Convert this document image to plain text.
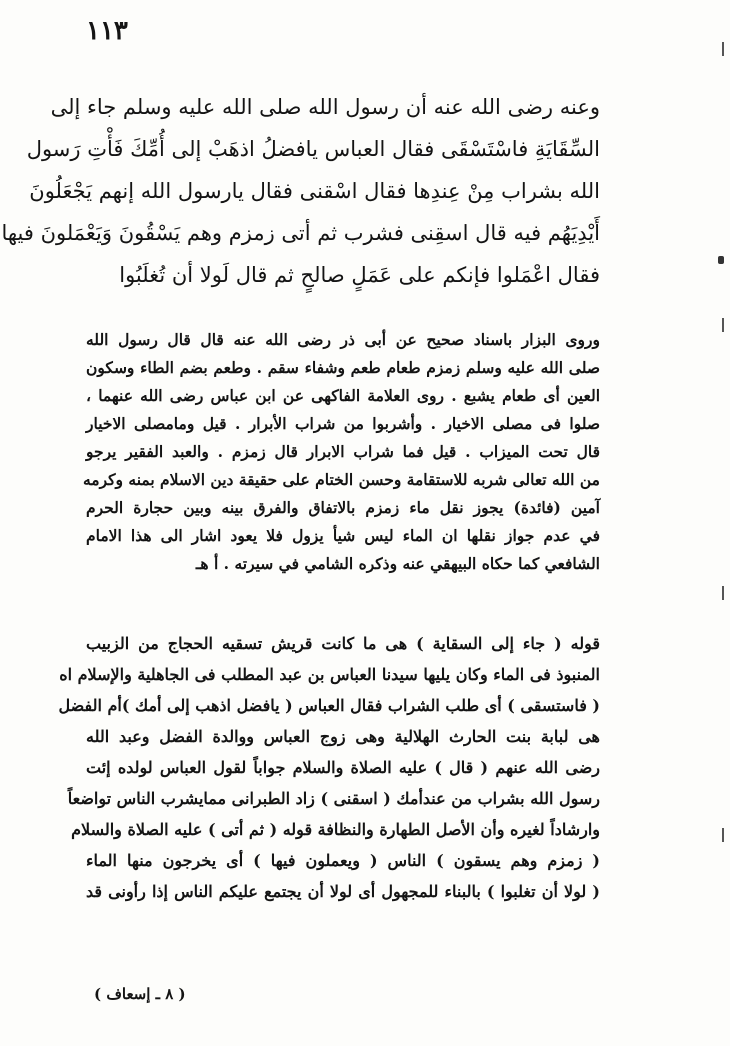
١١٣
وعنه رضى الله عنه أن رسول الله صلى الله عليه وسلم جاء إلى
السِّقَايَةِ فاسْتَسْقَى فقال العباس يافضلُ اذهَبْ إلى أُمِّكَ فَأْتِ رَسول
الله بشراب مِنْ عِندِها فقال اسْقنى فقال يارسول الله إنهم يَجْعَلُونَ
أَيْدِيَهُم فيه قال اسقِنى فشرب ثم أتى زمزم وهم يَسْقُونَ وَيَعْمَلونَ فيها
فقال اعْمَلوا فإنكم على عَمَلٍ صالحٍ ثم قال لَولا أن تُغلَبُوا
وروى البزار باسناد صحيح عن أبى ذر رضى الله عنه قال قال رسول الله
صلى الله عليه وسلم زمزم طعام طعم وشفاء سقم . وطعم بضم الطاء وسكون
العين أى طعام يشبع . روى العلامة الفاكهى عن ابن عباس رضى الله عنهما ،
صلوا فى مصلى الاخيار . وأشربوا من شراب الأبرار . قيل ومامصلى الاخيار
قال تحت الميزاب . قيل فما شراب الابرار قال زمزم . والعبد الفقير يرجو
من الله تعالى شربه للاستقامة وحسن الختام على حقيقة دين الاسلام بمنه وكرمه
آمين (فائدة) يجوز نقل ماء زمزم بالاتفاق والفرق بينه وبين حجارة الحرم
في عدم جواز نقلها ان الماء ليس شيأ يزول فلا يعود اشار الى هذا الامام
الشافعي كما حكاه البيهقي عنه وذكره الشامي في سيرته . أ هـ
قوله ( جاء إلى السقاية ) هى ما كانت قريش تسقيه الحجاج من الزبيب
المنبوذ فى الماء وكان يليها سيدنا العباس بن عبد المطلب فى الجاهلية والإسلام اه
( فاستسقى ) أى طلب الشراب فقال العباس ( يافضل اذهب إلى أمك )أم الفضل
هى لبابة بنت الحارث الهلالية وهى زوج العباس ووالدة الفضل وعبد الله
رضى الله عنهم ( قال ) عليه الصلاة والسلام جواباً لقول العباس لولده إئت
رسول الله بشراب من عندأمك ( اسقنى ) زاد الطبرانى ممايشرب الناس تواضعاً
وارشاداً لغيره وأن الأصل الطهارة والنظافة قوله ( ثم أتى ) عليه الصلاة والسلام
( زمزم وهم يسقون ) الناس ( ويعملون فيها ) أى يخرجون منها الماء
( لولا أن تغلبوا ) بالبناء للمجهول أى لولا أن يجتمع عليكم الناس إذا رأونى قد
( ٨ ـ إسعاف )
